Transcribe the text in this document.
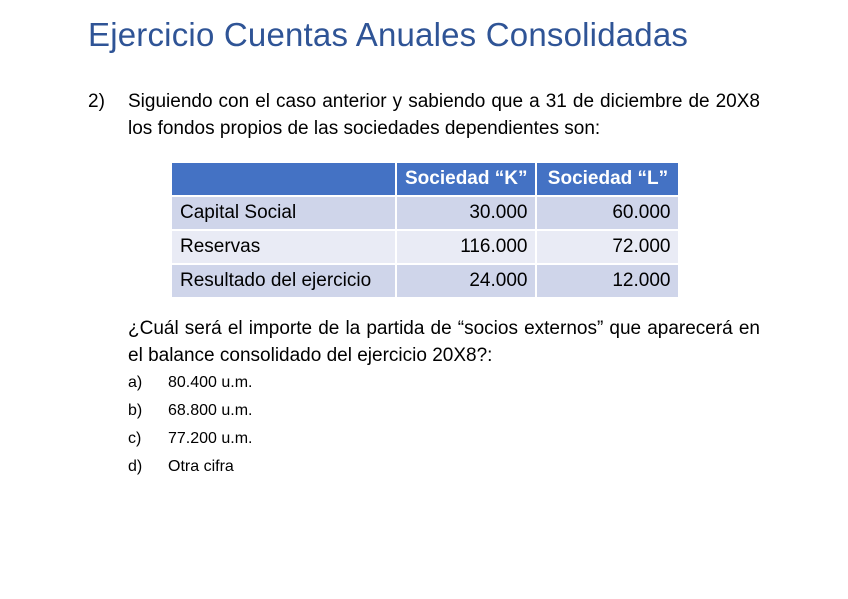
Ejercicio Cuentas Anuales Consolidadas
2) Siguiendo con el caso anterior y sabiendo que a 31 de diciembre de 20X8 los fondos propios de las sociedades dependientes son:
	Sociedad “K”	Sociedad “L”
Capital Social	30.000	60.000
Reservas	116.000	72.000
Resultado del ejercicio	24.000	12.000
¿Cuál será el importe de la partida de “socios externos” que aparecerá en el balance consolidado del ejercicio 20X8?:
a) 80.400 u.m.
b) 68.800 u.m.
c) 77.200 u.m.
d) Otra cifra
